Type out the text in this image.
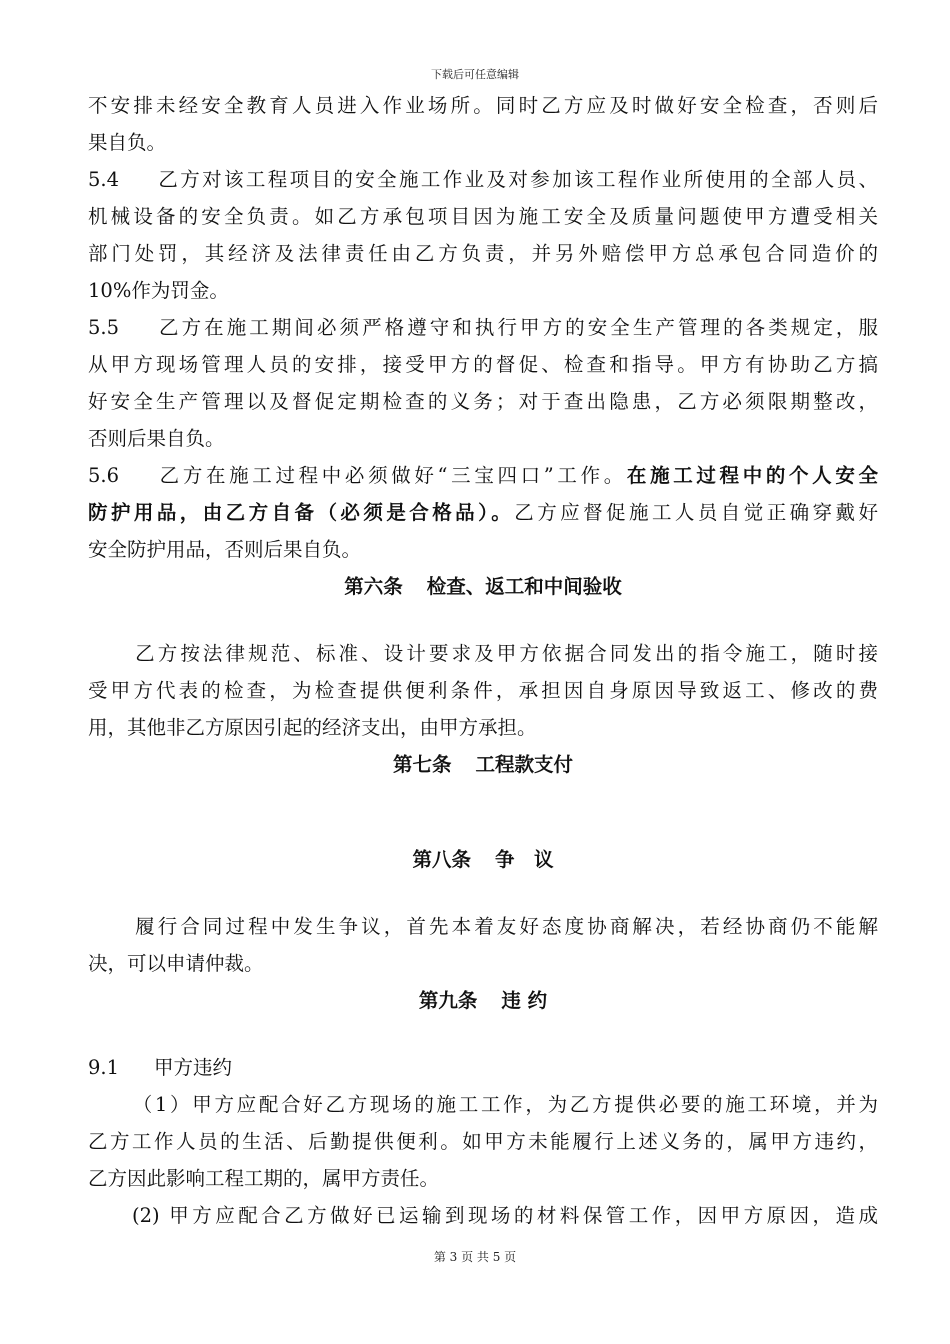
下载后可任意编辑
不安排未经安全教育人员进入作业场所。同时乙方应及时做好安全检查，否则后
果自负。
5.4 乙方对该工程项目的安全施工作业及对参加该工程作业所使用的全部人员、
机械设备的安全负责。如乙方承包项目因为施工安全及质量问题使甲方遭受相关
部门处罚，其经济及法律责任由乙方负责，并另外赔偿甲方总承包合同造价的
10%作为罚金。
5.5 乙方在施工期间必须严格遵守和执行甲方的安全生产管理的各类规定，服
从甲方现场管理人员的安排，接受甲方的督促、检查和指导。甲方有协助乙方搞
好安全生产管理以及督促定期检查的义务；对于查出隐患，乙方必须限期整改，
否则后果自负。
5.6 乙方在施工过程中必须做好“三宝四口”工作。在施工过程中的个人安全
防护用品，由乙方自备（必须是合格品）。乙方应督促施工人员自觉正确穿戴好
安全防护用品，否则后果自负。
第六条 检查、返工和中间验收
乙方按法律规范、标准、设计要求及甲方依据合同发出的指令施工，随时接
受甲方代表的检查，为检查提供便利条件，承担因自身原因导致返工、修改的费
用，其他非乙方原因引起的经济支出，由甲方承担。
第七条 工程款支付
第八条 争　议
履行合同过程中发生争议，首先本着友好态度协商解决，若经协商仍不能解
决，可以申请仲裁。
第九条 违 约
9.1 甲方违约
（1）甲方应配合好乙方现场的施工工作，为乙方提供必要的施工环境，并为
乙方工作人员的生活、后勤提供便利。如甲方未能履行上述义务的，属甲方违约，
乙方因此影响工程工期的，属甲方责任。
(2) 甲方应配合乙方做好已运输到现场的材料保管工作，因甲方原因，造成
第 3 页 共 5 页
